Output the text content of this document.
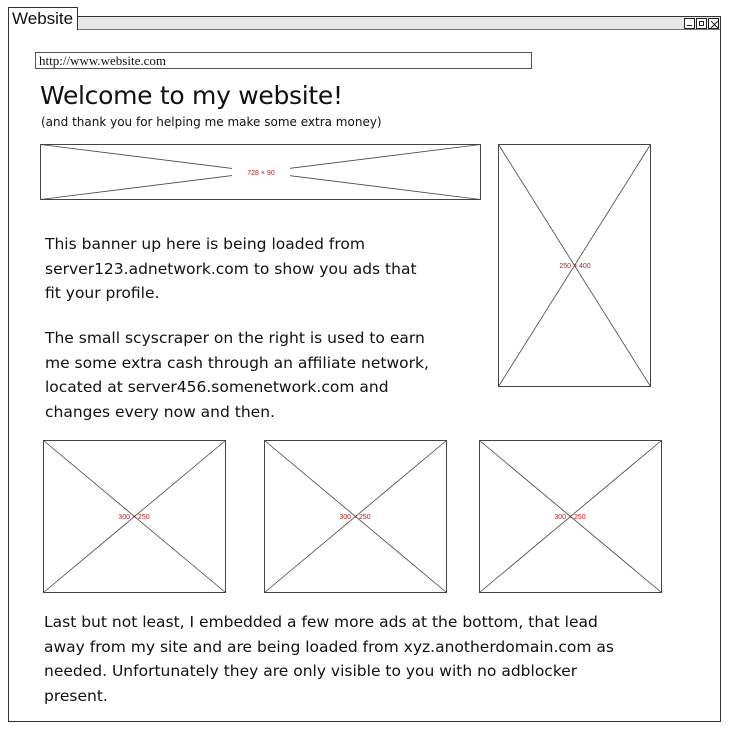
Website
http://www.website.com
Welcome to my website!
(and thank you for helping me make some extra money)
728 × 90
250 × 400

This banner up here is being loaded from
server123.adnetwork.com to show you ads that
fit your profile.

The small scyscraper on the right is used to earn
me some extra cash through an affiliate network,
located at server456.somenetwork.com and
changes every now and then.

300 × 250	300 × 250	300 × 250

Last but not least, I embedded a few more ads at the bottom, that lead
away from my site and are being loaded from xyz.anotherdomain.com as
needed. Unfortunately they are only visible to you with no adblocker
present.
